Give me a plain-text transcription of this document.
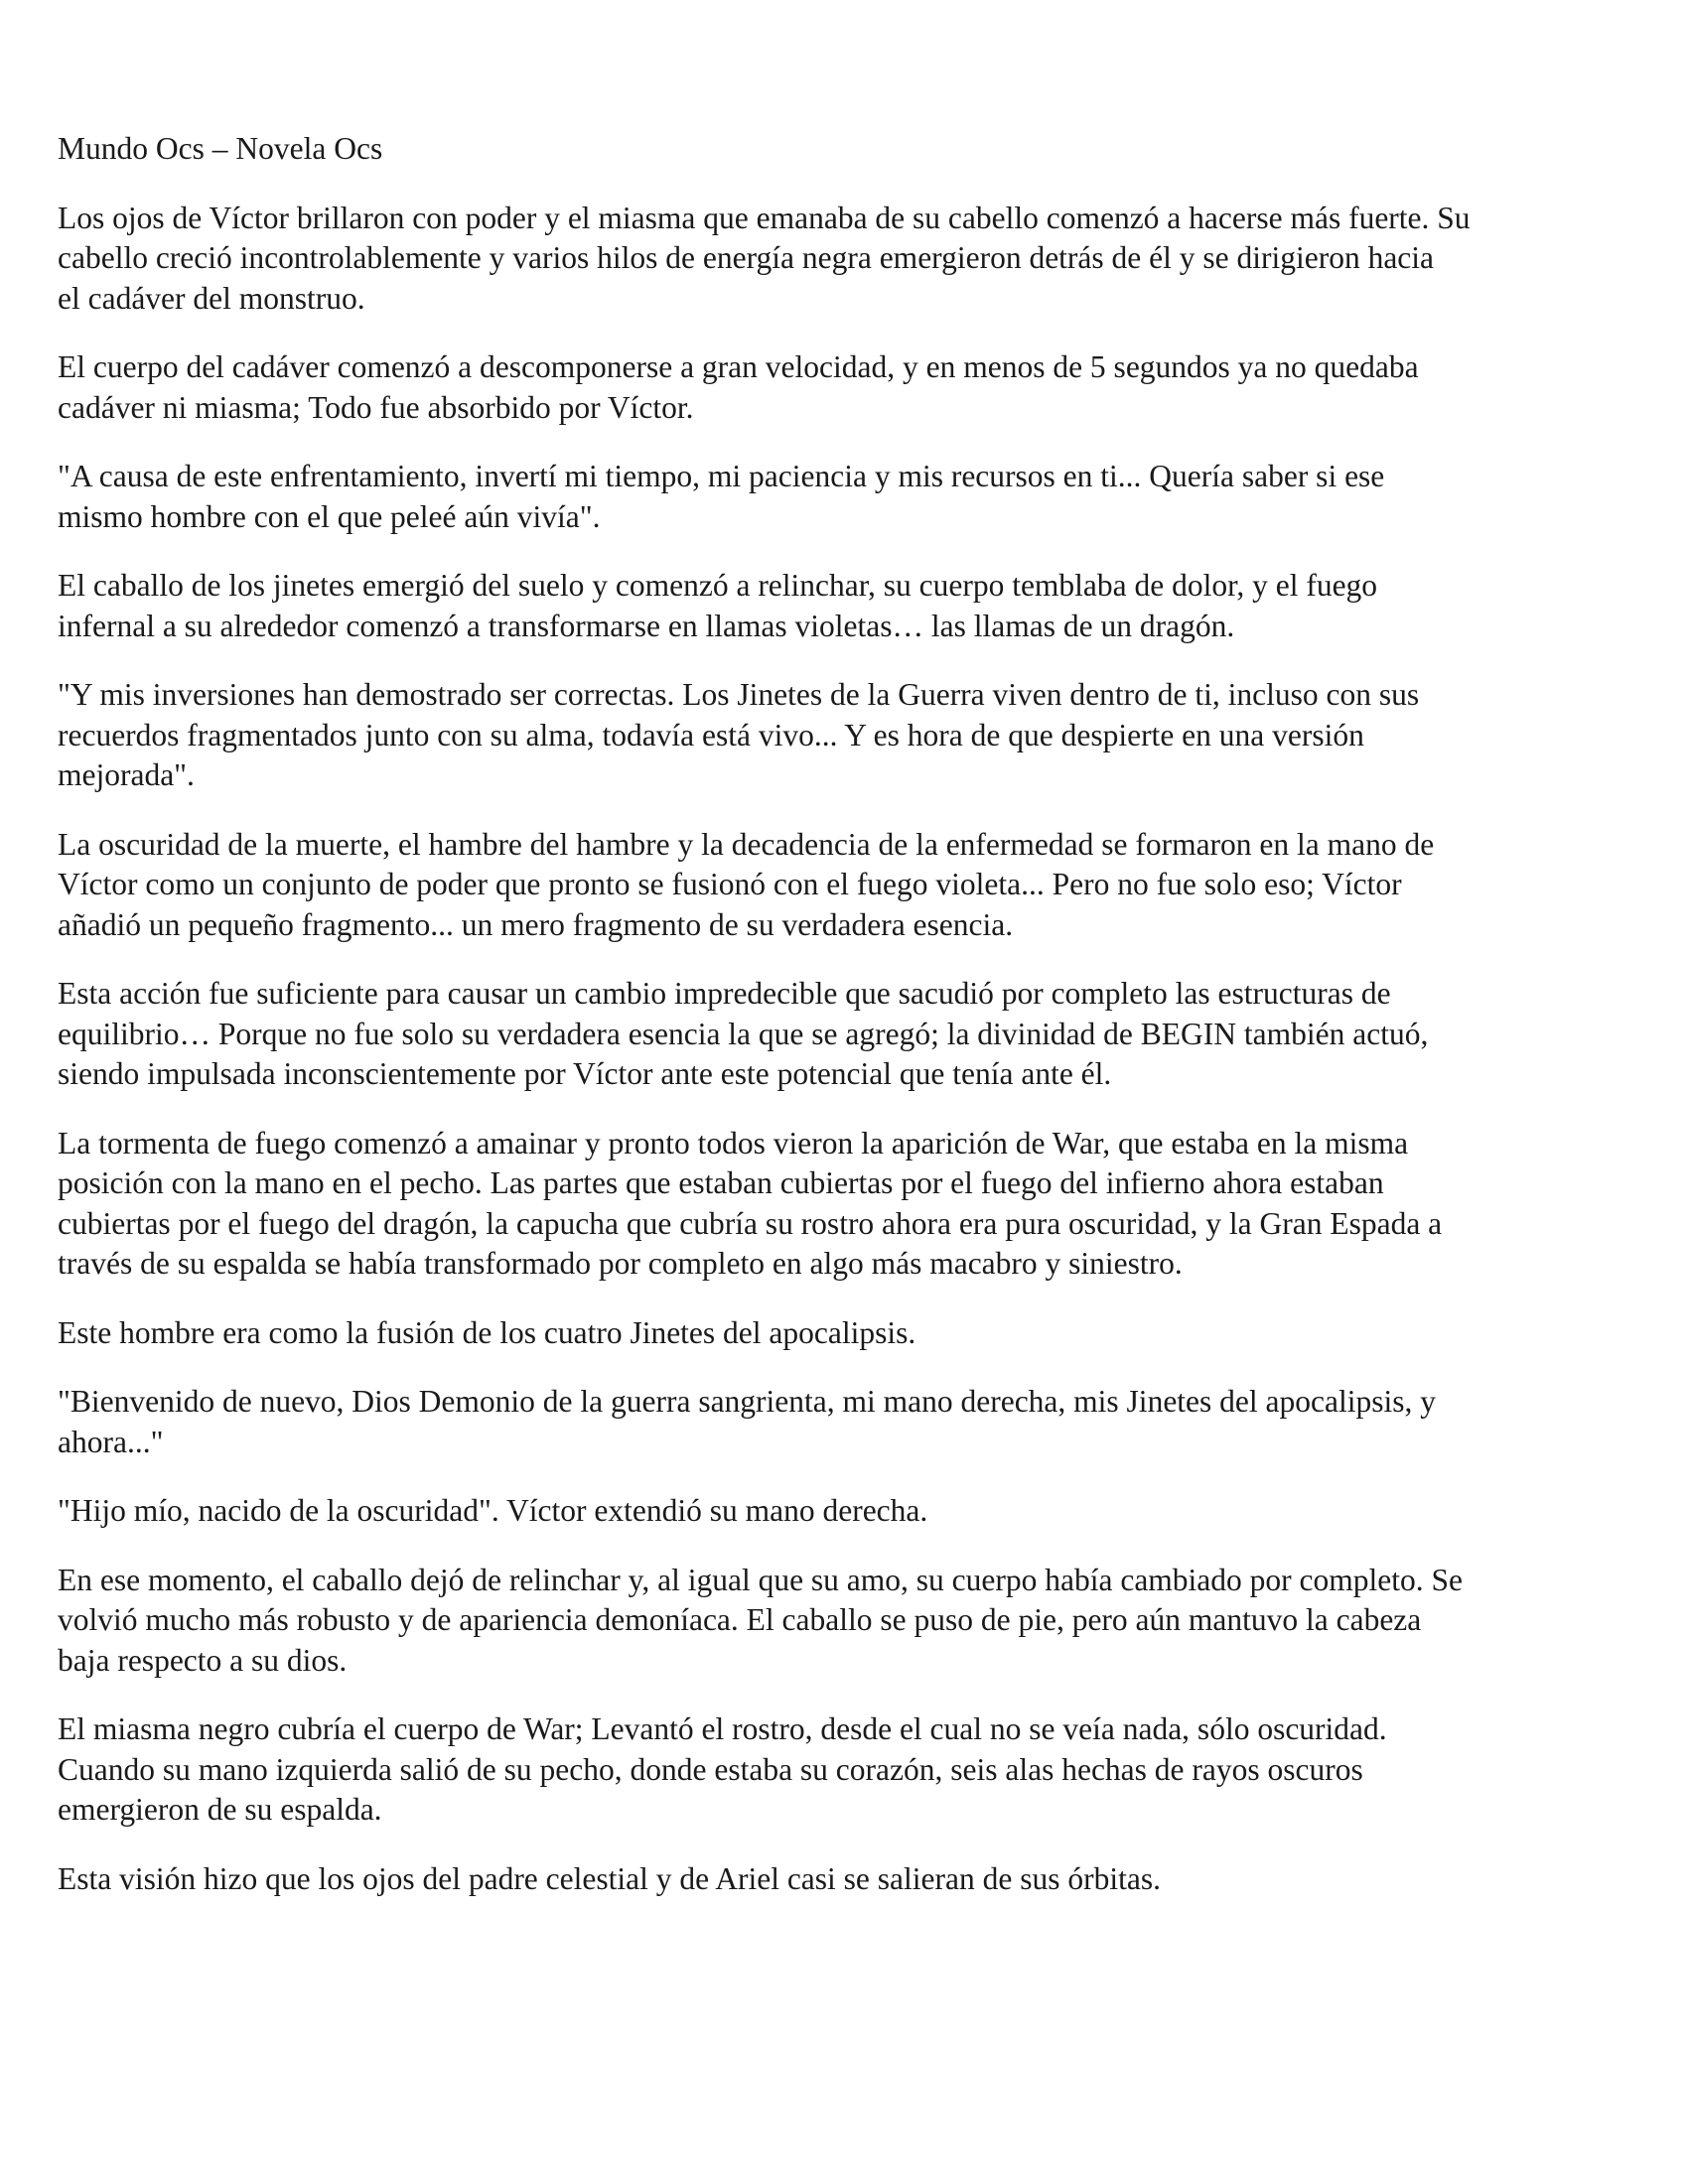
Mundo Ocs – Novela Ocs
Los ojos de Víctor brillaron con poder y el miasma que emanaba de su cabello comenzó a hacerse más fuerte. Su
cabello creció incontrolablemente y varios hilos de energía negra emergieron detrás de él y se dirigieron hacia
el cadáver del monstruo.
El cuerpo del cadáver comenzó a descomponerse a gran velocidad, y en menos de 5 segundos ya no quedaba
cadáver ni miasma; Todo fue absorbido por Víctor.
"A causa de este enfrentamiento, invertí mi tiempo, mi paciencia y mis recursos en ti... Quería saber si ese
mismo hombre con el que peleé aún vivía".
El caballo de los jinetes emergió del suelo y comenzó a relinchar, su cuerpo temblaba de dolor, y el fuego
infernal a su alrededor comenzó a transformarse en llamas violetas… las llamas de un dragón.
"Y mis inversiones han demostrado ser correctas. Los Jinetes de la Guerra viven dentro de ti, incluso con sus
recuerdos fragmentados junto con su alma, todavía está vivo... Y es hora de que despierte en una versión
mejorada".
La oscuridad de la muerte, el hambre del hambre y la decadencia de la enfermedad se formaron en la mano de
Víctor como un conjunto de poder que pronto se fusionó con el fuego violeta... Pero no fue solo eso; Víctor
añadió un pequeño fragmento... un mero fragmento de su verdadera esencia.
Esta acción fue suficiente para causar un cambio impredecible que sacudió por completo las estructuras de
equilibrio… Porque no fue solo su verdadera esencia la que se agregó; la divinidad de BEGIN también actuó,
siendo impulsada inconscientemente por Víctor ante este potencial que tenía ante él.
La tormenta de fuego comenzó a amainar y pronto todos vieron la aparición de War, que estaba en la misma
posición con la mano en el pecho. Las partes que estaban cubiertas por el fuego del infierno ahora estaban
cubiertas por el fuego del dragón, la capucha que cubría su rostro ahora era pura oscuridad, y la Gran Espada a
través de su espalda se había transformado por completo en algo más macabro y siniestro.
Este hombre era como la fusión de los cuatro Jinetes del apocalipsis.
"Bienvenido de nuevo, Dios Demonio de la guerra sangrienta, mi mano derecha, mis Jinetes del apocalipsis, y
ahora..."
"Hijo mío, nacido de la oscuridad". Víctor extendió su mano derecha.
En ese momento, el caballo dejó de relinchar y, al igual que su amo, su cuerpo había cambiado por completo. Se
volvió mucho más robusto y de apariencia demoníaca. El caballo se puso de pie, pero aún mantuvo la cabeza
baja respecto a su dios.
El miasma negro cubría el cuerpo de War; Levantó el rostro, desde el cual no se veía nada, sólo oscuridad.
Cuando su mano izquierda salió de su pecho, donde estaba su corazón, seis alas hechas de rayos oscuros
emergieron de su espalda.
Esta visión hizo que los ojos del padre celestial y de Ariel casi se salieran de sus órbitas.
